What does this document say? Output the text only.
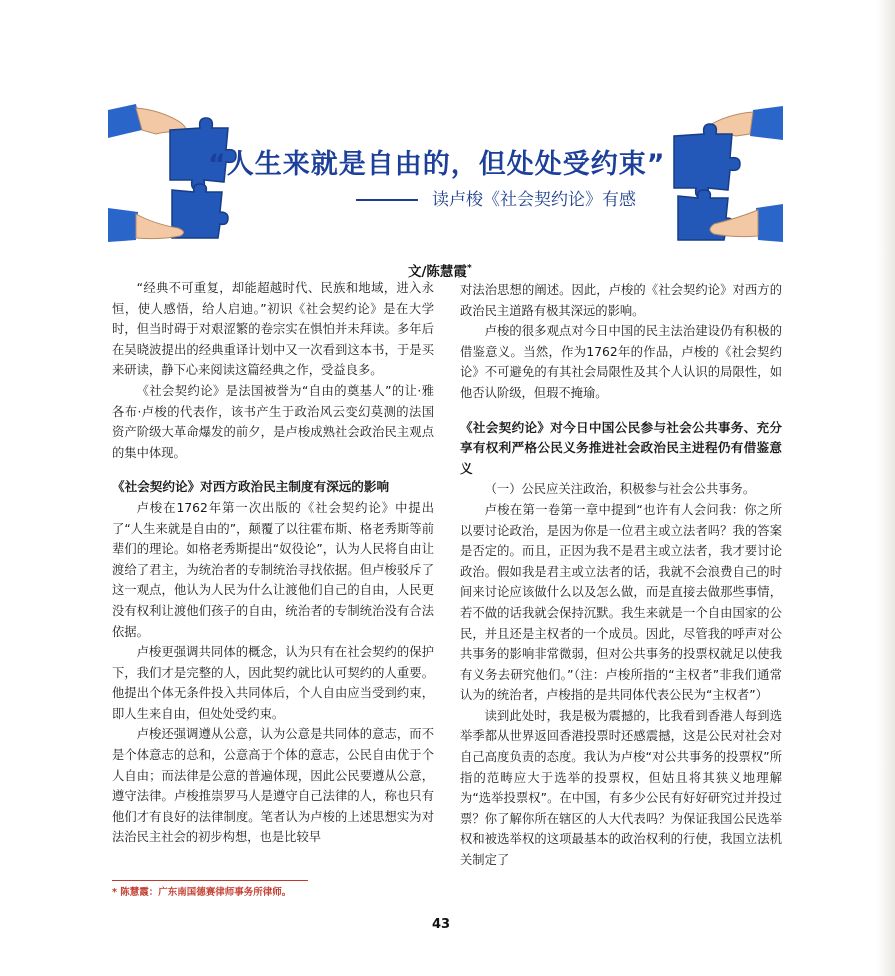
“人生来就是自由的，但处处受约束”
读卢梭《社会契约论》有感
文/陈慧霞*

“经典不可重复，却能超越时代、民族和地域，进入永恒，使人感悟，给人启迪。”初识《社会契约论》是在大学时，但当时碍于对艰涩繁的卷宗实在惧怕并未拜读。多年后在吴晓波提出的经典重译计划中又一次看到这本书，于是买来研读，静下心来阅读这篇经典之作，受益良多。

《社会契约论》是法国被誉为“自由的奠基人”的让·雅各布·卢梭的代表作，该书产生于政治风云变幻莫测的法国资产阶级大革命爆发的前夕，是卢梭成熟社会政治民主观点的集中体现。

《社会契约论》对西方政治民主制度有深远的影响

卢梭在1762年第一次出版的《社会契约论》中提出了“人生来就是自由的”，颠覆了以往霍布斯、格老秀斯等前辈们的理论。如格老秀斯提出“奴役论”，认为人民将自由让渡给了君主，为统治者的专制统治寻找依据。但卢梭驳斥了这一观点，他认为人民为什么让渡他们自己的自由，人民更没有权利让渡他们孩子的自由，统治者的专制统治没有合法依据。

卢梭更强调共同体的概念，认为只有在社会契约的保护下，我们才是完整的人，因此契约就比认可契约的人重要。他提出个体无条件投入共同体后，个人自由应当受到约束，即人生来自由，但处处受约束。

卢梭还强调遵从公意，认为公意是共同体的意志，而不是个体意志的总和，公意高于个体的意志，公民自由优于个人自由；而法律是公意的普遍体现，因此公民要遵从公意，遵守法律。卢梭推崇罗马人是遵守自己法律的人，称也只有他们才有良好的法律制度。笔者认为卢梭的上述思想实为对法治民主社会的初步构想，也是比较早

对法治思想的阐述。因此，卢梭的《社会契约论》对西方的政治民主道路有极其深远的影响。

卢梭的很多观点对今日中国的民主法治建设仍有积极的借鉴意义。当然，作为1762年的作品，卢梭的《社会契约论》不可避免的有其社会局限性及其个人认识的局限性，如他否认阶级，但瑕不掩瑜。

《社会契约论》对今日中国公民参与社会公共事务、充分享有权利严格公民义务推进社会政治民主进程仍有借鉴意义

（一）公民应关注政治，积极参与社会公共事务。

卢梭在第一卷第一章中提到“也许有人会问我：你之所以要讨论政治，是因为你是一位君主或立法者吗？我的答案是否定的。而且，正因为我不是君主或立法者，我才要讨论政治。假如我是君主或立法者的话，我就不会浪费自己的时间来讨论应该做什么以及怎么做，而是直接去做那些事情，若不做的话我就会保持沉默。我生来就是一个自由国家的公民，并且还是主权者的一个成员。因此，尽管我的呼声对公共事务的影响非常微弱，但对公共事务的投票权就足以使我有义务去研究他们。”（注：卢梭所指的“主权者”非我们通常认为的统治者，卢梭指的是共同体代表公民为“主权者”）

读到此处时，我是极为震撼的，比我看到香港人每到选举季都从世界返回香港投票时还感震撼，这是公民对社会对自己高度负责的态度。我认为卢梭“对公共事务的投票权”所指的范畴应大于选举的投票权，但姑且将其狭义地理解为“选举投票权”。在中国，有多少公民有好好研究过并投过票？你了解你所在辖区的人大代表吗？为保证我国公民选举权和被选举权的这项最基本的政治权利的行使，我国立法机关制定了

* 陈慧霞：广东南国德赛律师事务所律师。
43
